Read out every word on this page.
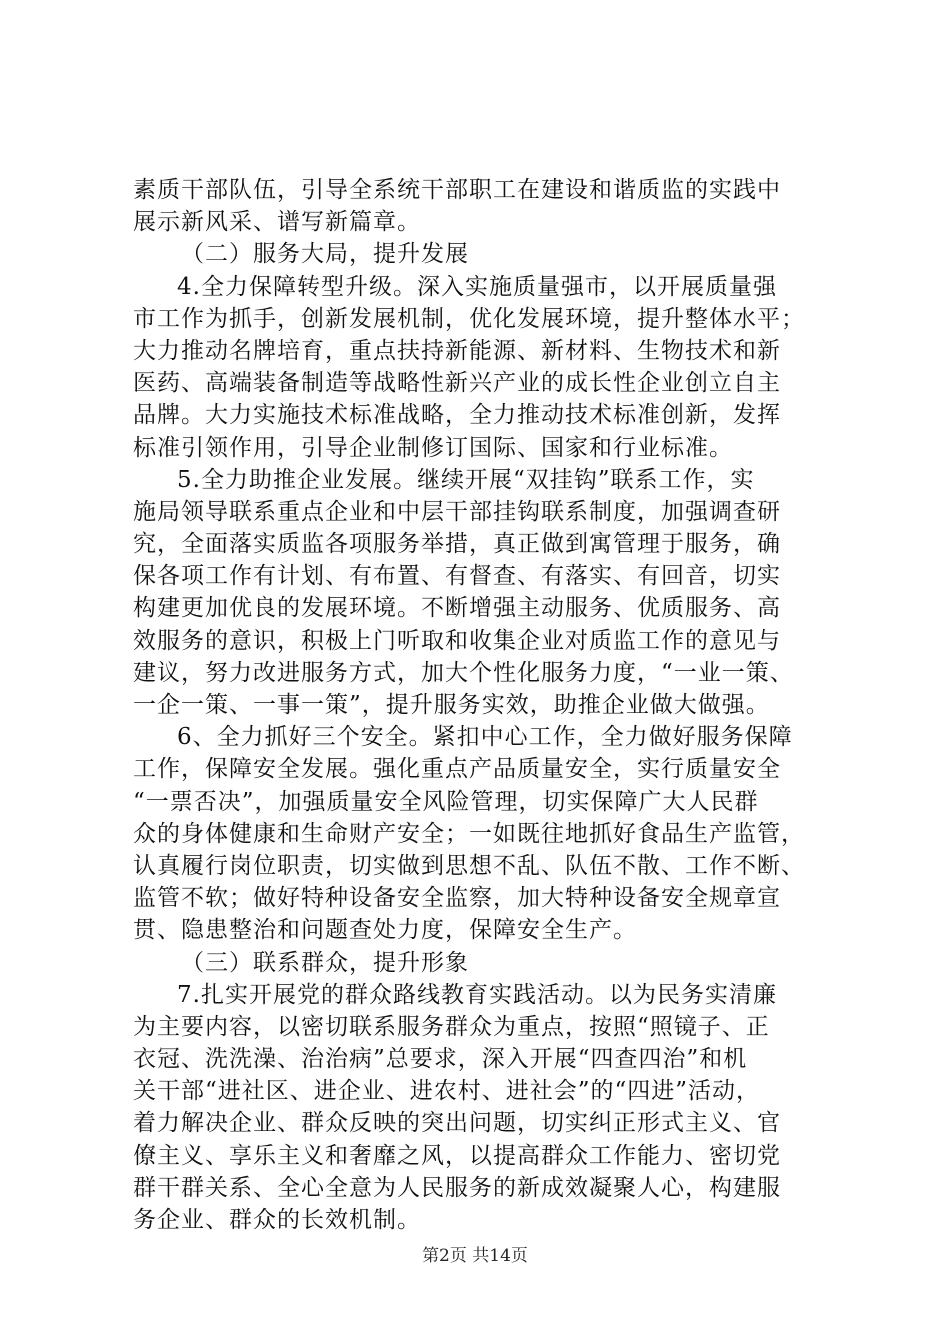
素质干部队伍，引导全系统干部职工在建设和谐质监的实践中
展示新风采、谱写新篇章。
（二）服务大局，提升发展
4.全力保障转型升级。深入实施质量强市，以开展质量强
市工作为抓手，创新发展机制，优化发展环境，提升整体水平；
大力推动名牌培育，重点扶持新能源、新材料、生物技术和新
医药、高端装备制造等战略性新兴产业的成长性企业创立自主
品牌。大力实施技术标准战略，全力推动技术标准创新，发挥
标准引领作用，引导企业制修订国际、国家和行业标准。
5.全力助推企业发展。继续开展“双挂钩”联系工作，实
施局领导联系重点企业和中层干部挂钩联系制度，加强调查研
究，全面落实质监各项服务举措，真正做到寓管理于服务，确
保各项工作有计划、有布置、有督查、有落实、有回音，切实
构建更加优良的发展环境。不断增强主动服务、优质服务、高
效服务的意识，积极上门听取和收集企业对质监工作的意见与
建议，努力改进服务方式，加大个性化服务力度，“一业一策、
一企一策、一事一策”，提升服务实效，助推企业做大做强。
6、全力抓好三个安全。紧扣中心工作，全力做好服务保障
工作，保障安全发展。强化重点产品质量安全，实行质量安全
“一票否决”，加强质量安全风险管理，切实保障广大人民群
众的身体健康和生命财产安全；一如既往地抓好食品生产监管，
认真履行岗位职责，切实做到思想不乱、队伍不散、工作不断、
监管不软；做好特种设备安全监察，加大特种设备安全规章宣
贯、隐患整治和问题查处力度，保障安全生产。
（三）联系群众，提升形象
7.扎实开展党的群众路线教育实践活动。以为民务实清廉
为主要内容，以密切联系服务群众为重点，按照“照镜子、正
衣冠、洗洗澡、治治病”总要求，深入开展“四查四治”和机
关干部“进社区、进企业、进农村、进社会”的“四进”活动，
着力解决企业、群众反映的突出问题，切实纠正形式主义、官
僚主义、享乐主义和奢靡之风，以提高群众工作能力、密切党
群干群关系、全心全意为人民服务的新成效凝聚人心，构建服
务企业、群众的长效机制。
第2页 共14页
